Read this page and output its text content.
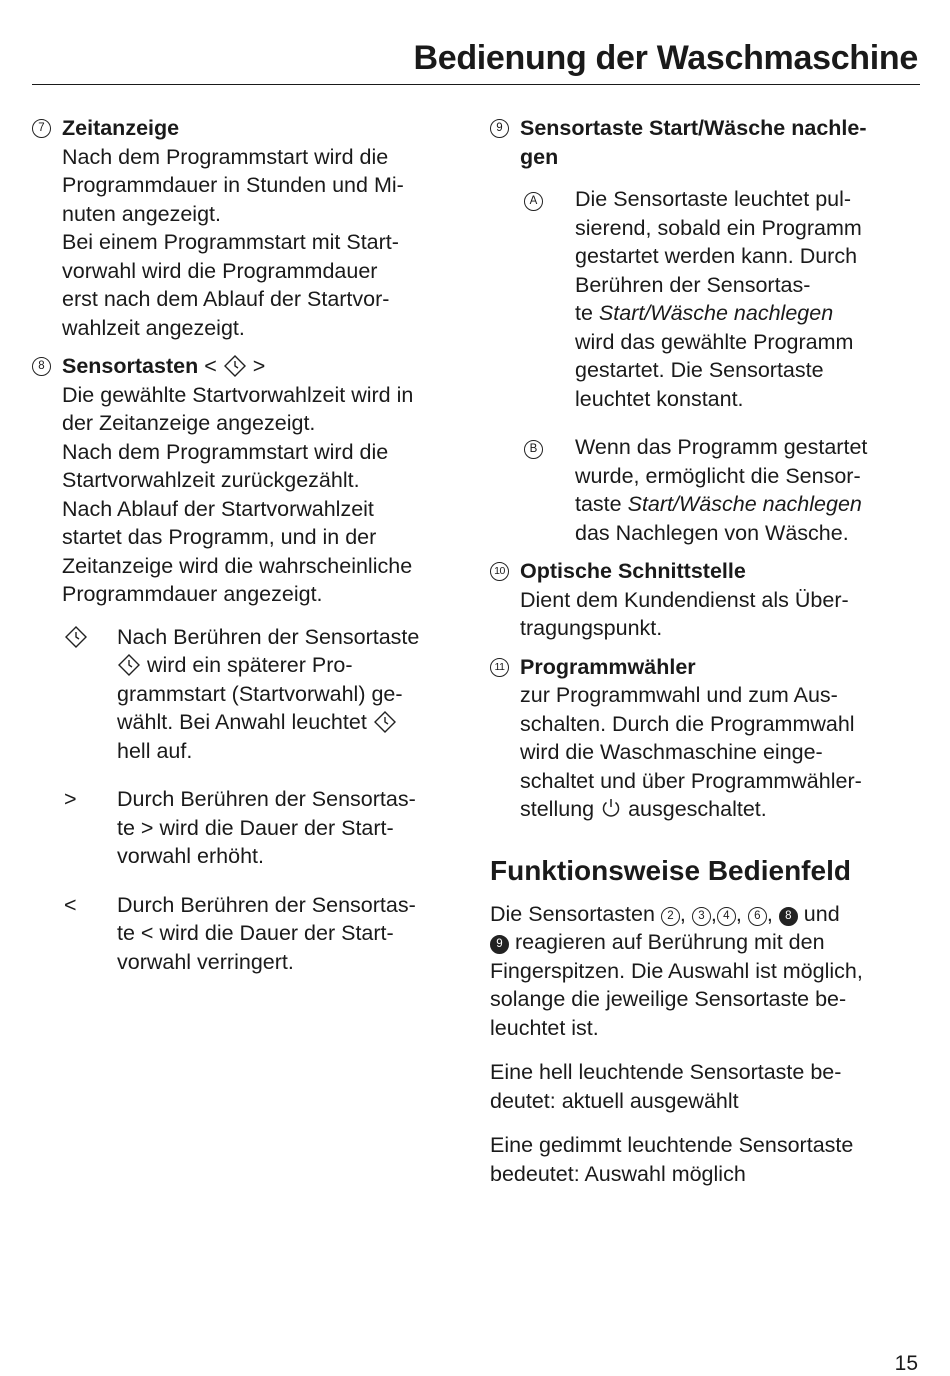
Bedienung der Waschmaschine
7 Zeitanzeige
Nach dem Programmstart wird die
Programmdauer in Stunden und Mi-
nuten angezeigt.
Bei einem Programmstart mit Start-
vorwahl wird die Programmdauer
erst nach dem Ablauf der Startvor-
wahlzeit angezeigt.
8 Sensortasten < >
Die gewählte Startvorwahlzeit wird in
der Zeitanzeige angezeigt.
Nach dem Programmstart wird die
Startvorwahlzeit zurückgezählt.
Nach Ablauf der Startvorwahlzeit
startet das Programm, und in der
Zeitanzeige wird die wahrscheinliche
Programmdauer angezeigt.
Nach Berühren der Sensortaste
wird ein späterer Pro-
grammstart (Startvorwahl) ge-
wählt. Bei Anwahl leuchtet
hell auf.
>	Durch Berühren der Sensortas-
te > wird die Dauer der Start-
vorwahl erhöht.
<	Durch Berühren der Sensortas-
te < wird die Dauer der Start-
vorwahl verringert.
9 Sensortaste Start/Wäsche nachle-
gen
A	Die Sensortaste leuchtet pul-
sierend, sobald ein Programm
gestartet werden kann. Durch
Berühren der Sensortas-
te Start/Wäsche nachlegen
wird das gewählte Programm
gestartet. Die Sensortaste
leuchtet konstant.
B	Wenn das Programm gestartet
wurde, ermöglicht die Sensor-
taste Start/Wäsche nachlegen
das Nachlegen von Wäsche.
10 Optische Schnittstelle
Dient dem Kundendienst als Über-
tragungspunkt.
11 Programmwähler
zur Programmwahl und zum Aus-
schalten. Durch die Programmwahl
wird die Waschmaschine einge-
schaltet und über Programmwähler-
stellung ausgeschaltet.
Funktionsweise Bedienfeld
Die Sensortasten 2 , 3 , 4 , 6 , 8 und
9 reagieren auf Berührung mit den
Fingerspitzen. Die Auswahl ist möglich,
solange die jeweilige Sensortaste be-
leuchtet ist.
Eine hell leuchtende Sensortaste be-
deutet: aktuell ausgewählt
Eine gedimmt leuchtende Sensortaste
bedeutet: Auswahl möglich
15
